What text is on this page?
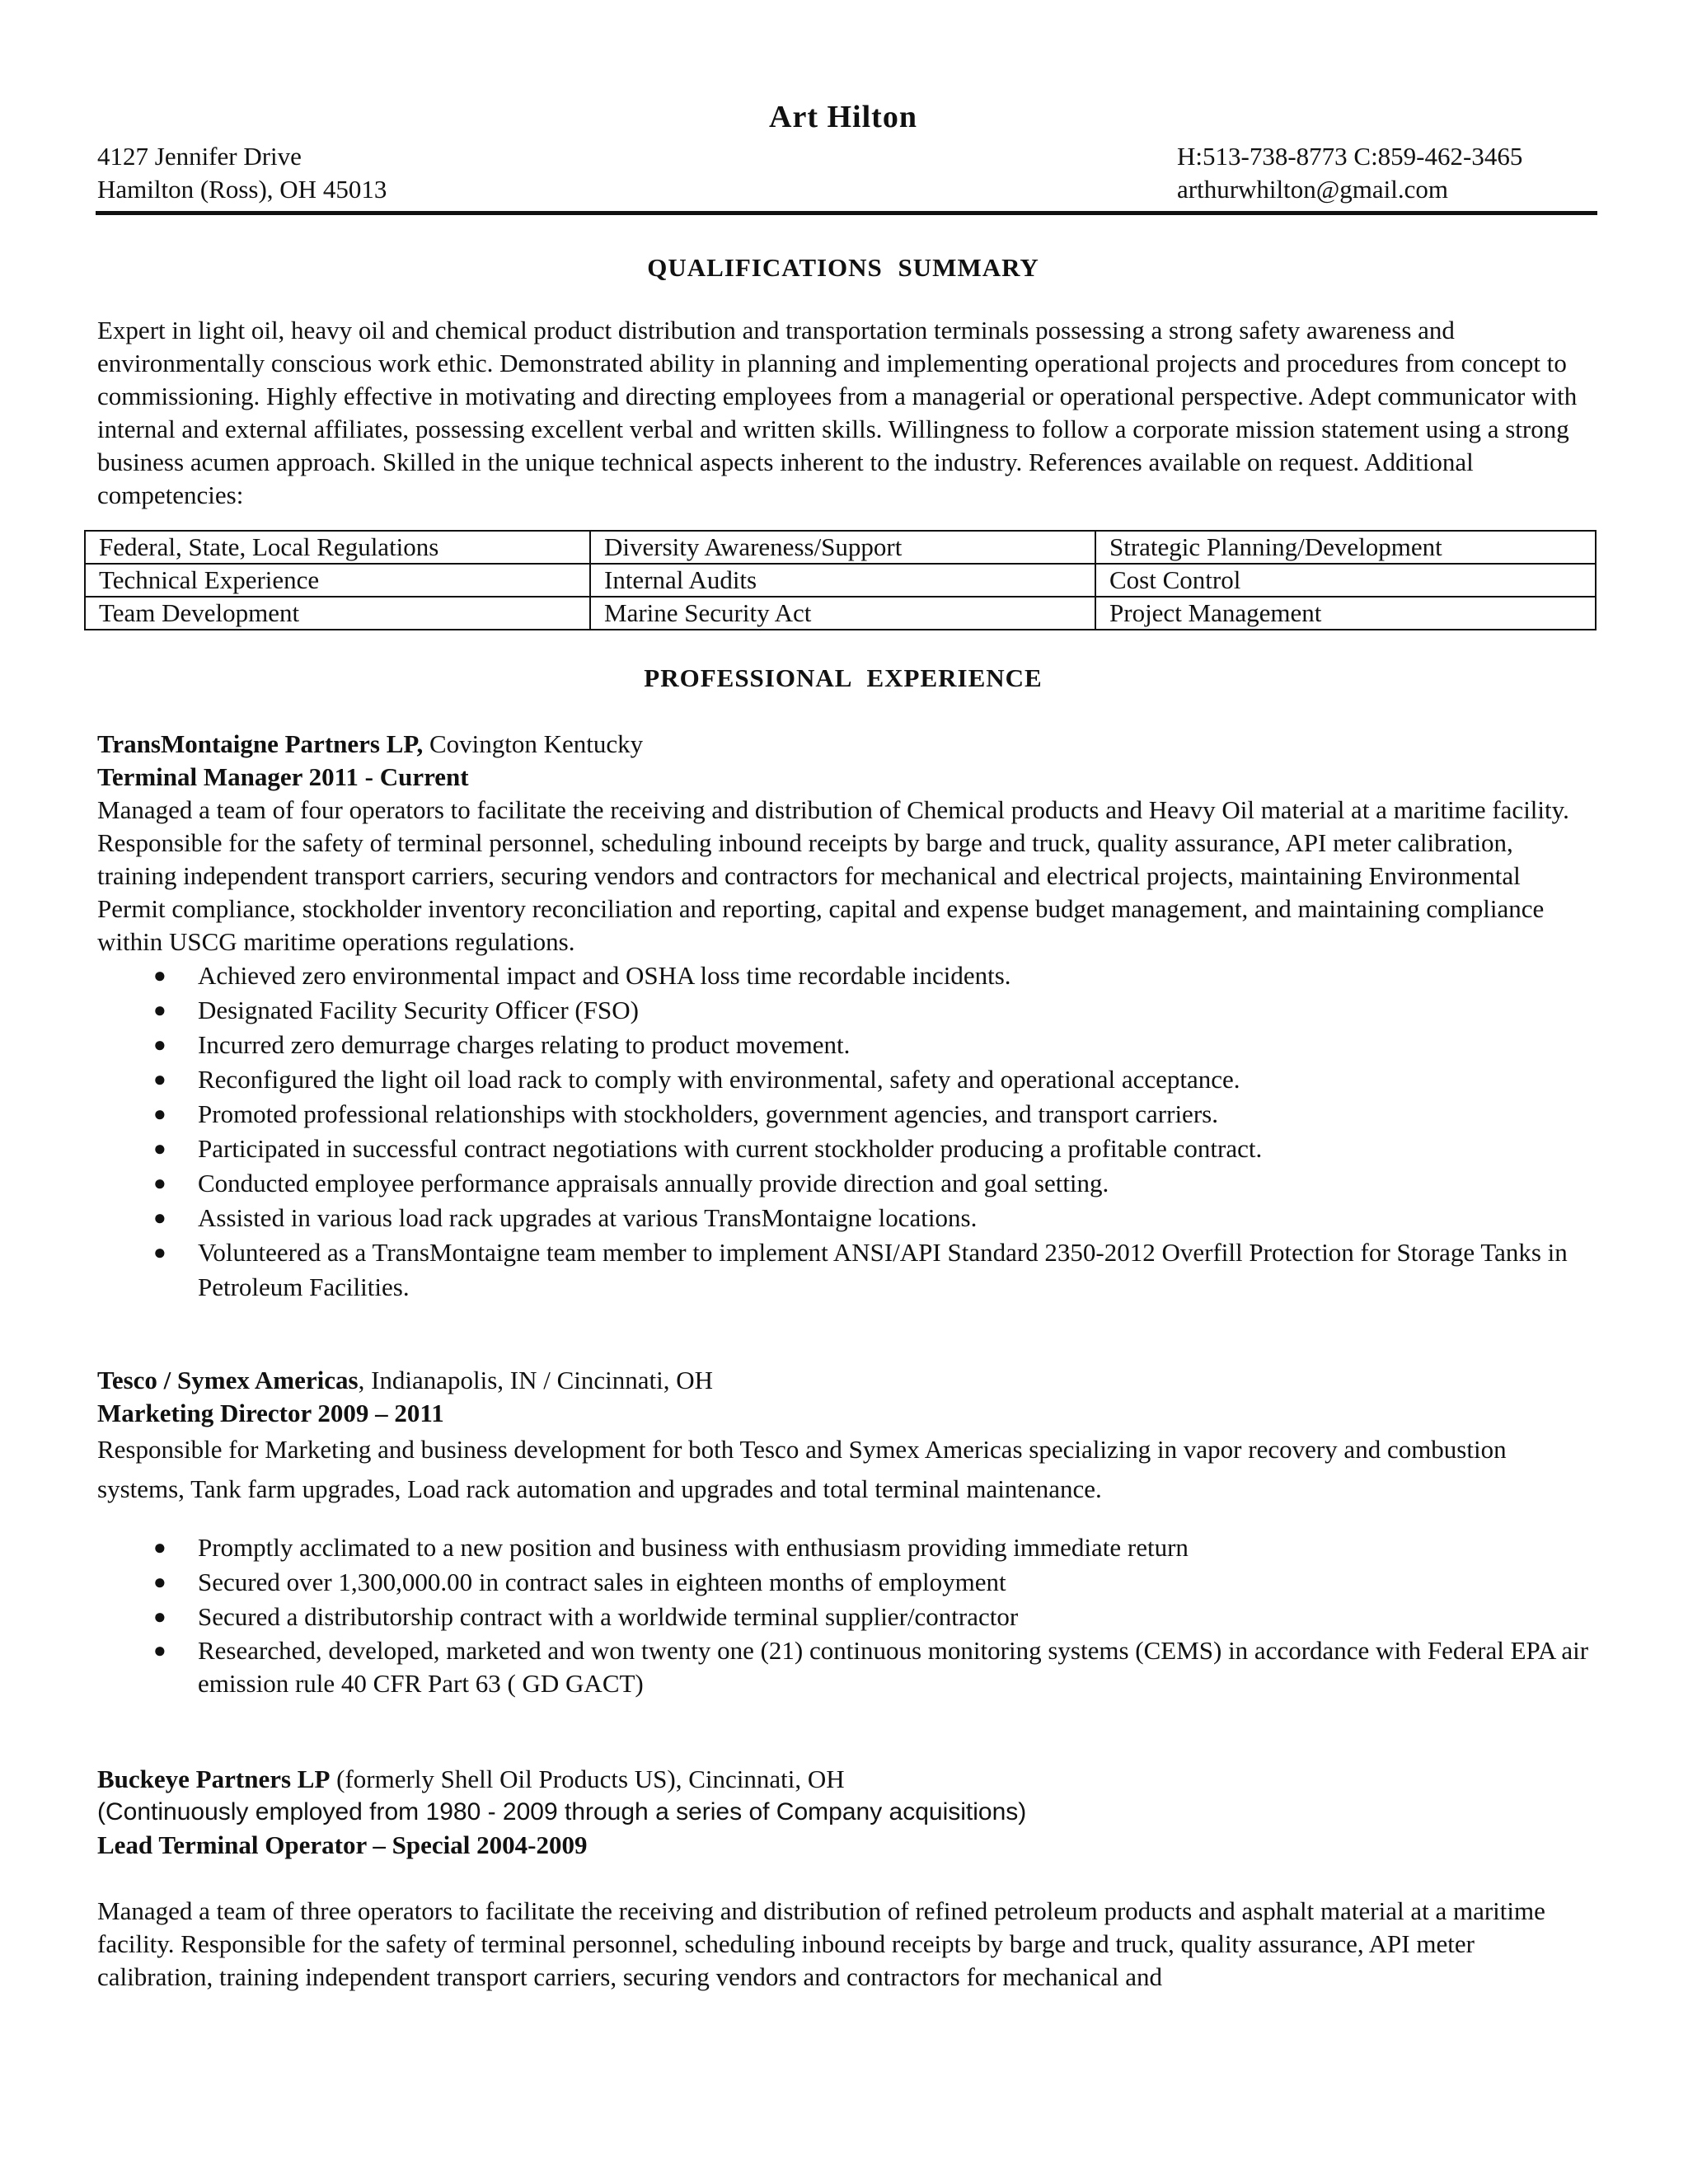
Art Hilton
4127 Jennifer Drive	H:513-738-8773 C:859-462-3465
Hamilton (Ross), OH 45013	arthurwhilton@gmail.com
QUALIFICATIONS SUMMARY

Expert in light oil, heavy oil and chemical product distribution and transportation terminals possessing a strong safety awareness and environmentally conscious work ethic. Demonstrated ability in planning and implementing operational projects and procedures from concept to commissioning. Highly effective in motivating and directing employees from a managerial or operational perspective. Adept communicator with internal and external affiliates, possessing excellent verbal and written skills. Willingness to follow a corporate mission statement using a strong business acumen approach. Skilled in the unique technical aspects inherent to the industry. References available on request. Additional competencies:

Federal, State, Local Regulations	Diversity Awareness/Support	Strategic Planning/Development
Technical Experience	Internal Audits	Cost Control
Team Development	Marine Security Act	Project Management
PROFESSIONAL EXPERIENCE
TransMontaigne Partners LP, Covington Kentucky
Terminal Manager 2011 - Current

Managed a team of four operators to facilitate the receiving and distribution of Chemical products and Heavy Oil material at a maritime facility. Responsible for the safety of terminal personnel, scheduling inbound receipts by barge and truck, quality assurance, API meter calibration, training independent transport carriers, securing vendors and contractors for mechanical and electrical projects, maintaining Environmental Permit compliance, stockholder inventory reconciliation and reporting, capital and expense budget management, and maintaining compliance within USCG maritime operations regulations.

● Achieved zero environmental impact and OSHA loss time recordable incidents.
● Designated Facility Security Officer (FSO)
● Incurred zero demurrage charges relating to product movement.
● Reconfigured the light oil load rack to comply with environmental, safety and operational acceptance.
● Promoted professional relationships with stockholders, government agencies, and transport carriers.
● Participated in successful contract negotiations with current stockholder producing a profitable contract.
● Conducted employee performance appraisals annually provide direction and goal setting.
● Assisted in various load rack upgrades at various TransMontaigne locations.
● Volunteered as a TransMontaigne team member to implement ANSI/API Standard 2350-2012 Overfill Protection for Storage Tanks in Petroleum Facilities.
Tesco / Symex Americas, Indianapolis, IN / Cincinnati, OH
Marketing Director 2009 – 2011

Responsible for Marketing and business development for both Tesco and Symex Americas specializing in vapor recovery and combustion systems, Tank farm upgrades, Load rack automation and upgrades and total terminal maintenance.

● Promptly acclimated to a new position and business with enthusiasm providing immediate return
● Secured over 1,300,000.00 in contract sales in eighteen months of employment
● Secured a distributorship contract with a worldwide terminal supplier/contractor
● Researched, developed, marketed and won twenty one (21) continuous monitoring systems (CEMS) in accordance with Federal EPA air emission rule 40 CFR Part 63 ( GD GACT)
Buckeye Partners LP (formerly Shell Oil Products US), Cincinnati, OH
(Continuously employed from 1980 - 2009 through a series of Company acquisitions)
Lead Terminal Operator – Special 2004-2009

Managed a team of three operators to facilitate the receiving and distribution of refined petroleum products and asphalt material at a maritime facility. Responsible for the safety of terminal personnel, scheduling inbound receipts by barge and truck, quality assurance, API meter calibration, training independent transport carriers, securing vendors and contractors for mechanical and
